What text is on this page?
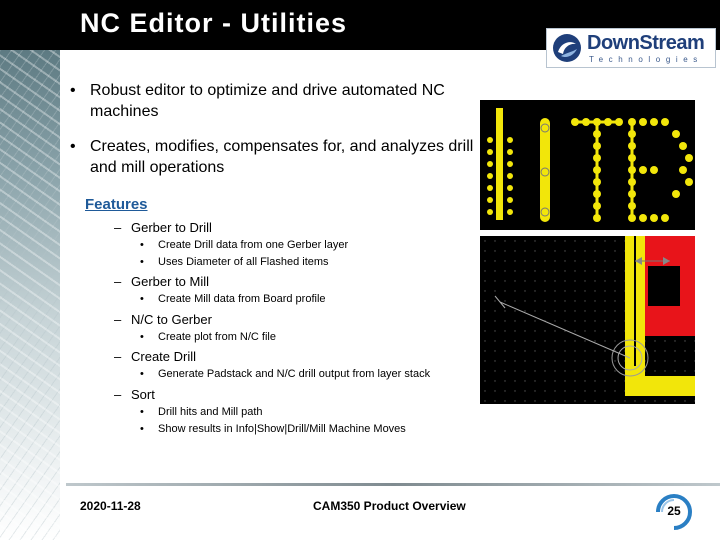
NC Editor - Utilities
DownStream
Technologies
• Robust editor to optimize and drive automated NC machines
• Creates, modifies, compensates for, and analyzes drill and mill operations
Features
– Gerber to Drill
• Create Drill data from one Gerber layer
• Uses Diameter of all Flashed items
– Gerber to Mill
• Create Mill data from Board profile
– N/C to Gerber
• Create plot from N/C file
– Create Drill
• Generate Padstack and N/C drill output from layer stack
– Sort
• Drill hits and Mill path
• Show results in Info|Show|Drill/Mill Machine Moves
2020-11-28	CAM350 Product Overview	25
